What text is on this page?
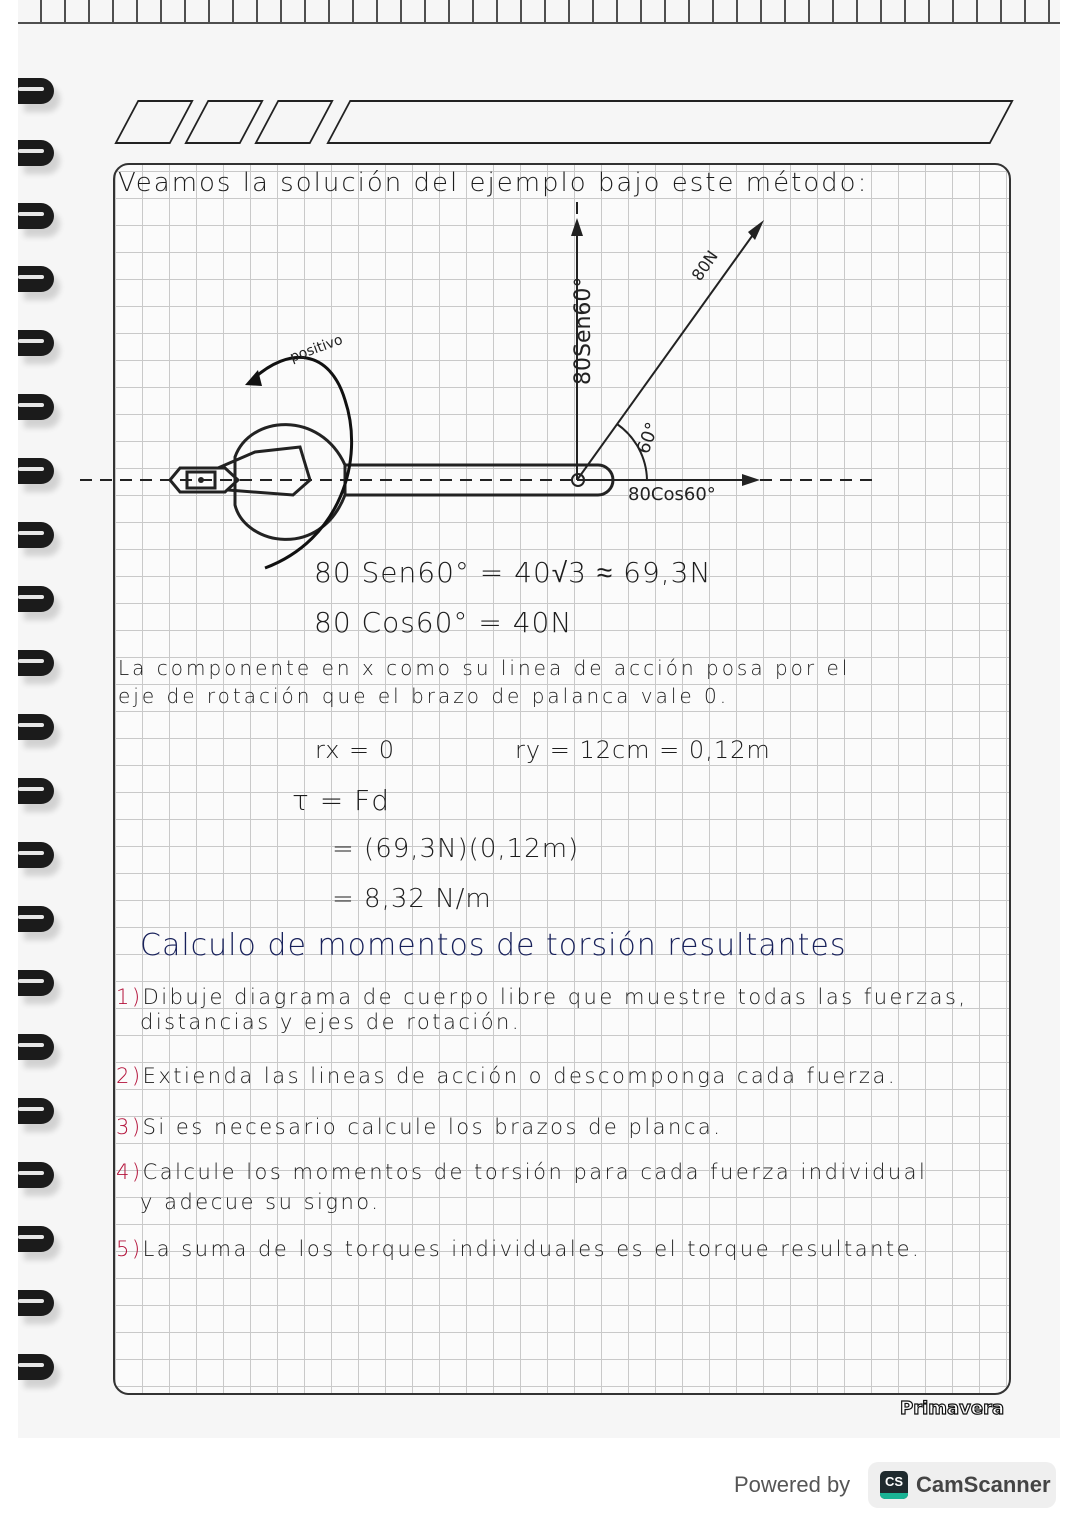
positivo	80Sen60°
80N
80Cos60°
60°
Veamos la solución del ejemplo bajo este método:
80 Sen60° = 40√3 ≈ 69,3N
80 Cos60° = 40N
La componente en x como su linea de acción posa por el
eje de rotación que el brazo de palanca vale 0.
rx = 0	ry = 12cm = 0,12m
τ = Fd
= (69,3N)(0,12m)
= 8,32 N/m
Calculo de momentos de torsión resultantes
1)Dibuje diagrama de cuerpo libre que muestre todas las fuerzas,
distancias y ejes de rotación.
2)Extienda las lineas de acción o descomponga cada fuerza.
3)Si es necesario calcule los brazos de planca.
4)Calcule los momentos de torsión para cada fuerza individual
y adecue su signo.
5)La suma de los torques individuales es el torque resultante.
Primavera
Powered by	CS CamScanner
